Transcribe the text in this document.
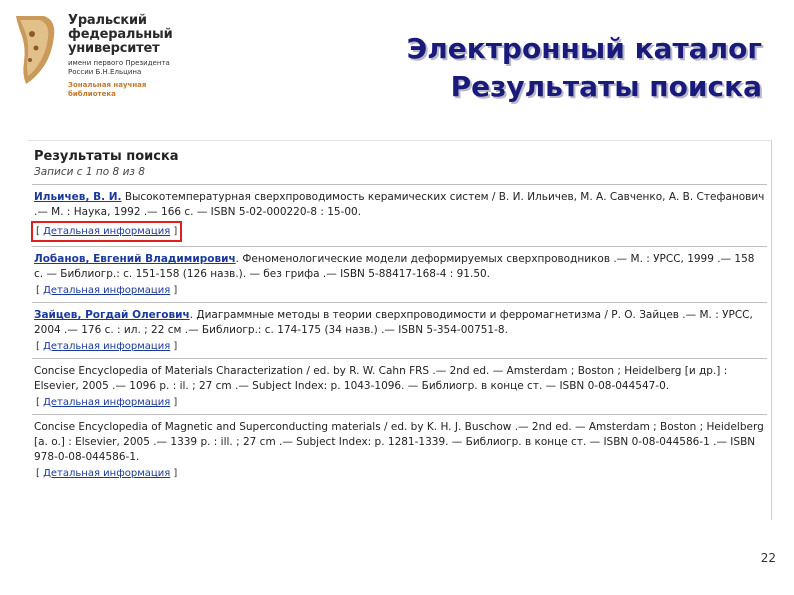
Уральский
федеральный
университет
имени первого Президента
России Б.Н.Ельцина
Зональная научная
библиотека
Электронный каталог
Результаты поиска
Результаты поиска
Записи с 1 по 8 из 8
Ильичев, В. И. Высокотемпературная сверхпроводимость керамических систем / В. И. Ильичев, М. А. Савченко, А. В. Стефанович .— М. : Наука, 1992 .— 166 с. — ISBN 5-02-000220-8 : 15-00.
[ Детальная информация ]
Лобанов, Евгений Владимирович. Феноменологические модели деформируемых сверхпроводников .— М. : УРСС, 1999 .— 158 с. — Библиогр.: с. 151-158 (126 назв.). — без грифа .— ISBN 5-88417-168-4 : 91.50.
[ Детальная информация ]
Зайцев, Рогдай Олегович. Диаграммные методы в теории сверхпроводимости и ферромагнетизма / Р. О. Зайцев .— М. : УРСС, 2004 .— 176 с. : ил. ; 22 см .— Библиогр.: с. 174-175 (34 назв.) .— ISBN 5-354-00751-8.
[ Детальная информация ]
Concise Encyclopedia of Materials Characterization / ed. by R. W. Cahn FRS .— 2nd ed. — Amsterdam ; Boston ; Heidelberg [и др.] : Elsevier, 2005 .— 1096 p. : il. ; 27 cm .— Subject Index: p. 1043-1096. — Библиогр. в конце ст. — ISBN 0-08-044547-0.
[ Детальная информация ]
Concise Encyclopedia of Magnetic and Superconducting materials / ed. by K. H. J. Buschow .— 2nd ed. — Amsterdam ; Boston ; Heidelberg [a. o.] : Elsevier, 2005 .— 1339 p. : ill. ; 27 cm .— Subject Index: p. 1281-1339. — Библиогр. в конце ст. — ISBN 0-08-044586-1 .— ISBN 978-0-08-044586-1.
[ Детальная информация ]
22
